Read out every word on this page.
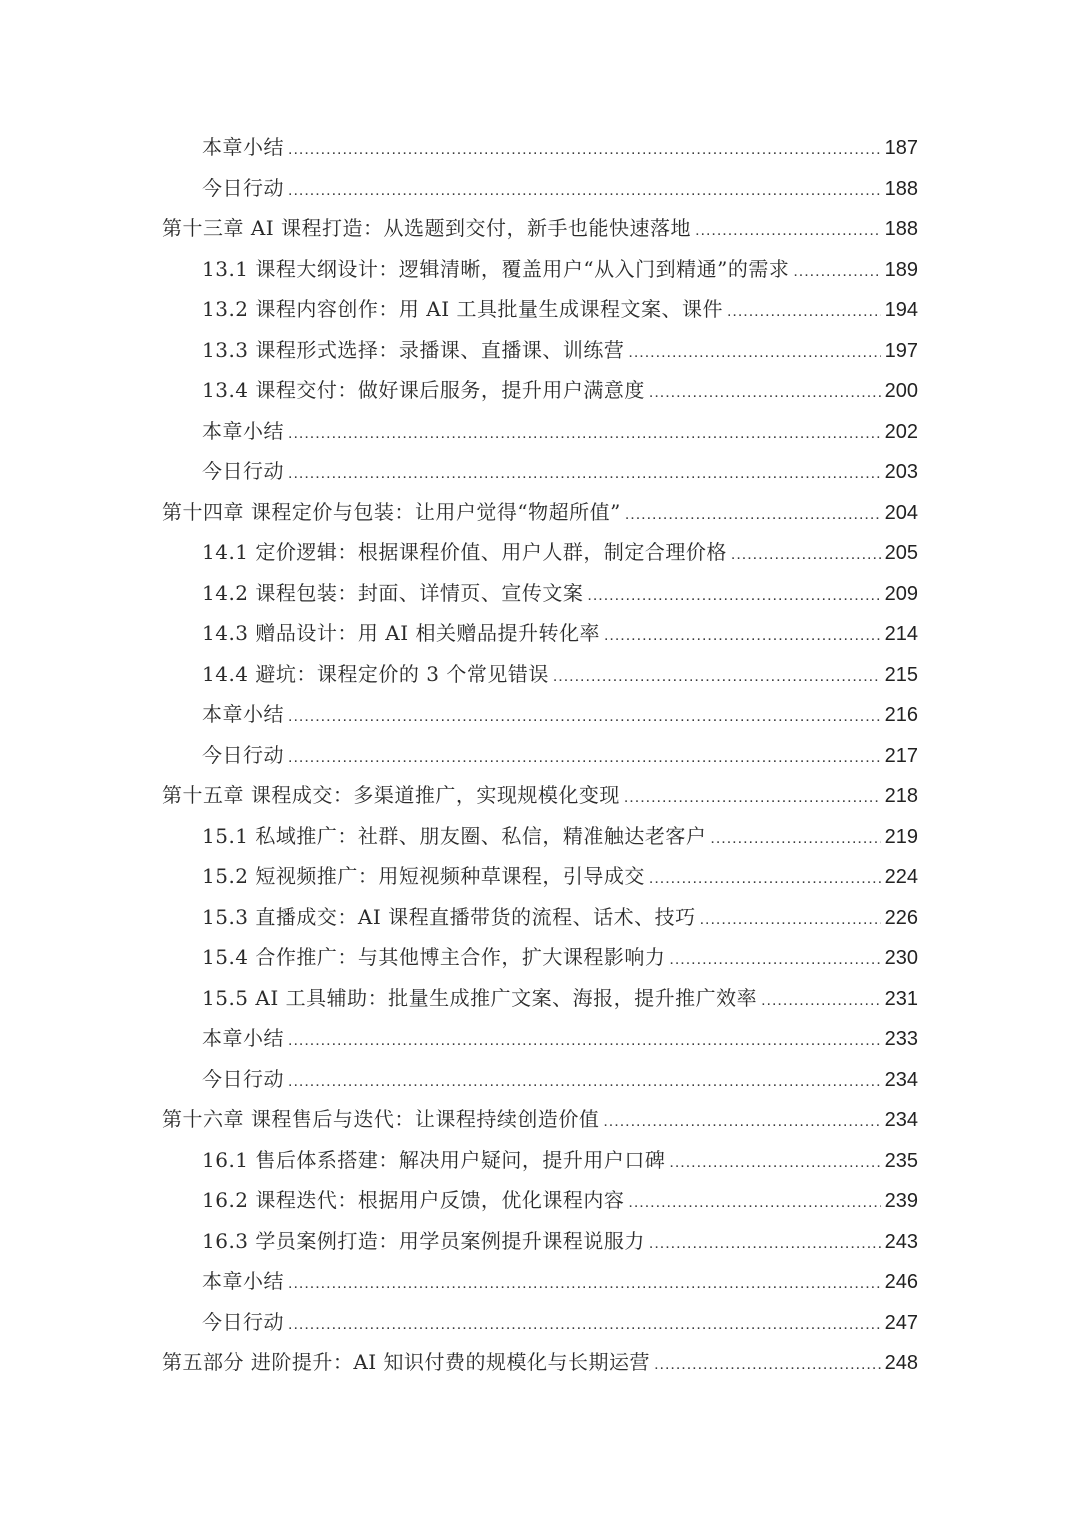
本章小结 .....	187
今日行动 .....	188
第十三章 AI 课程打造：从选题到交付，新手也能快速落地 .....	188
13.1 课程大纲设计：逻辑清晰，覆盖用户“从入门到精通”的需求 .....	189
13.2 课程内容创作：用 AI 工具批量生成课程文案、课件 .....	194
13.3 课程形式选择：录播课、直播课、训练营 .....	197
13.4 课程交付：做好课后服务，提升用户满意度 .....	200
本章小结 .....	202
今日行动 .....	203
第十四章 课程定价与包装：让用户觉得“物超所值” .....	204
14.1 定价逻辑：根据课程价值、用户人群，制定合理价格 .....	205
14.2 课程包装：封面、详情页、宣传文案 .....	209
14.3 赠品设计：用 AI 相关赠品提升转化率 .....	214
14.4 避坑：课程定价的 3 个常见错误 .....	215
本章小结 .....	216
今日行动 .....	217
第十五章 课程成交：多渠道推广，实现规模化变现 .....	218
15.1 私域推广：社群、朋友圈、私信，精准触达老客户 .....	219
15.2 短视频推广：用短视频种草课程，引导成交 .....	224
15.3 直播成交：AI 课程直播带货的流程、话术、技巧 .....	226
15.4 合作推广：与其他博主合作，扩大课程影响力 .....	230
15.5 AI 工具辅助：批量生成推广文案、海报，提升推广效率 .....	231
本章小结 .....	233
今日行动 .....	234
第十六章 课程售后与迭代：让课程持续创造价值 .....	234
16.1 售后体系搭建：解决用户疑问，提升用户口碑 .....	235
16.2 课程迭代：根据用户反馈，优化课程内容 .....	239
16.3 学员案例打造：用学员案例提升课程说服力 .....	243
本章小结 .....	246
今日行动 .....	247
第五部分 进阶提升：AI 知识付费的规模化与长期运营 .....	248
